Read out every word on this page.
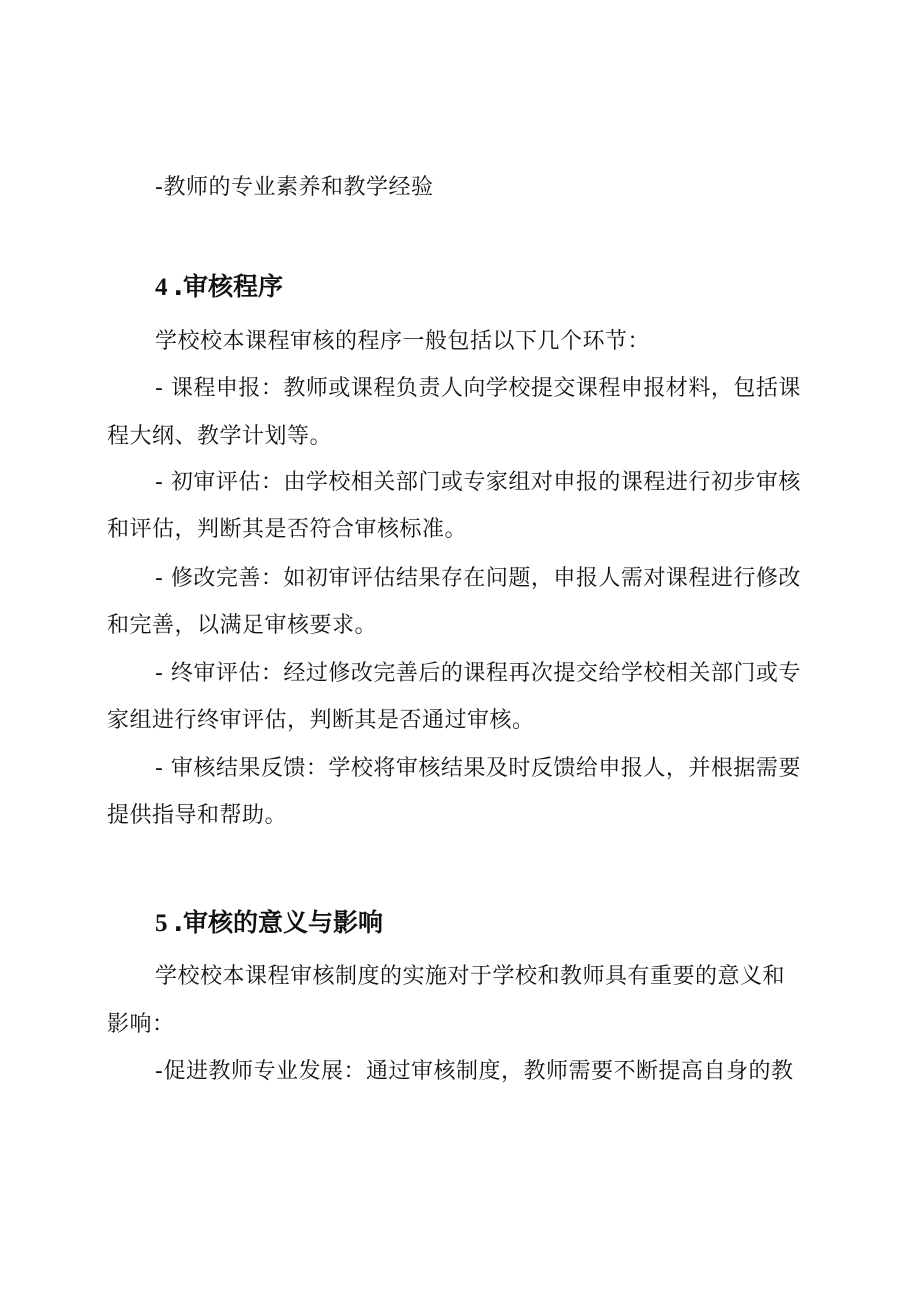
-教师的专业素养和教学经验
4 .审核程序
学校校本课程审核的程序一般包括以下几个环节：
- 课程申报：教师或课程负责人向学校提交课程申报材料，包括课
程大纲、教学计划等。
- 初审评估：由学校相关部门或专家组对申报的课程进行初步审核
和评估，判断其是否符合审核标准。
- 修改完善：如初审评估结果存在问题，申报人需对课程进行修改
和完善，以满足审核要求。
- 终审评估：经过修改完善后的课程再次提交给学校相关部门或专
家组进行终审评估，判断其是否通过审核。
- 审核结果反馈：学校将审核结果及时反馈给申报人，并根据需要
提供指导和帮助。
5 .审核的意义与影响
学校校本课程审核制度的实施对于学校和教师具有重要的意义和
影响：
-促进教师专业发展：通过审核制度，教师需要不断提高自身的教
